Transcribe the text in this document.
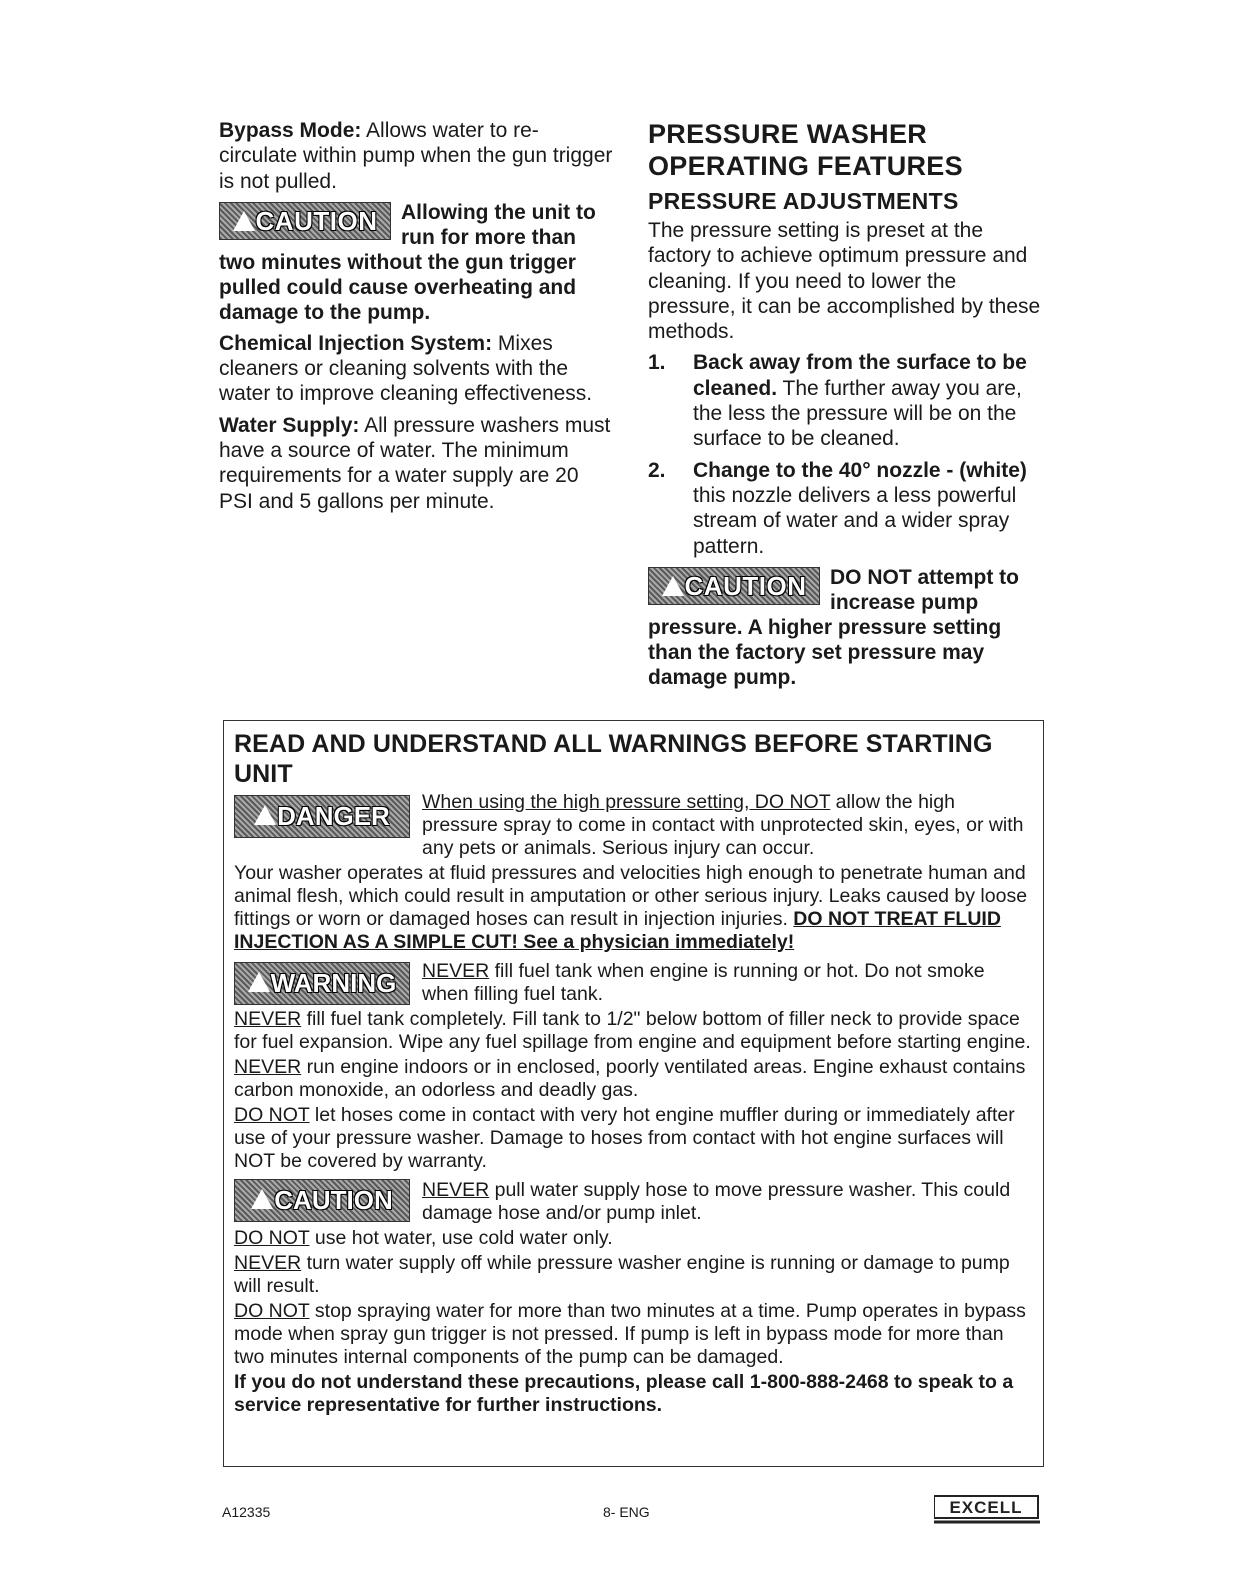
Bypass Mode: Allows water to re-circulate within pump when the gun trigger is not pulled.

CAUTION	Allowing the unit to run for more than two minutes without the gun trigger pulled could cause overheating and damage to the pump.

Chemical Injection System: Mixes cleaners or cleaning solvents with the water to improve cleaning effectiveness.

Water Supply: All pressure washers must have a source of water. The minimum requirements for a water supply are 20 PSI and 5 gallons per minute.

PRESSURE WASHER
OPERATING FEATURES
PRESSURE ADJUSTMENTS

The pressure setting is preset at the factory to achieve optimum pressure and cleaning. If you need to lower the pressure, it can be accomplished by these methods.

1. Back away from the surface to be cleaned. The further away you are, the less the pressure will be on the surface to be cleaned.
2. Change to the 40° nozzle - (white) this nozzle delivers a less powerful stream of water and a wider spray pattern.
CAUTION	DO NOT attempt to increase pump pressure. A higher pressure setting than the factory set pressure may damage pump.
READ AND UNDERSTAND ALL WARNINGS BEFORE STARTING UNIT
DANGER	When using the high pressure setting, DO NOT allow the high pressure spray to come in contact with unprotected skin, eyes, or with any pets or animals. Serious injury can occur.

Your washer operates at fluid pressures and velocities high enough to penetrate human and animal flesh, which could result in amputation or other serious injury. Leaks caused by loose fittings or worn or damaged hoses can result in injection injuries. DO NOT TREAT FLUID INJECTION AS A SIMPLE CUT! See a physician immediately!

WARNING	NEVER fill fuel tank when engine is running or hot. Do not smoke when filling fuel tank.

NEVER fill fuel tank completely. Fill tank to 1/2" below bottom of filler neck to provide space for fuel expansion. Wipe any fuel spillage from engine and equipment before starting engine.

NEVER run engine indoors or in enclosed, poorly ventilated areas. Engine exhaust contains carbon monoxide, an odorless and deadly gas.

DO NOT let hoses come in contact with very hot engine muffler during or immediately after use of your pressure washer. Damage to hoses from contact with hot engine surfaces will NOT be covered by warranty.

CAUTION	NEVER pull water supply hose to move pressure washer. This could damage hose and/or pump inlet.

DO NOT use hot water, use cold water only.

NEVER turn water supply off while pressure washer engine is running or damage to pump will result.

DO NOT stop spraying water for more than two minutes at a time. Pump operates in bypass mode when spray gun trigger is not pressed. If pump is left in bypass mode for more than two minutes internal components of the pump can be damaged.

If you do not understand these precautions, please call 1-800-888-2468 to speak to a service representative for further instructions.

A12335	8- ENG	EXCELL
